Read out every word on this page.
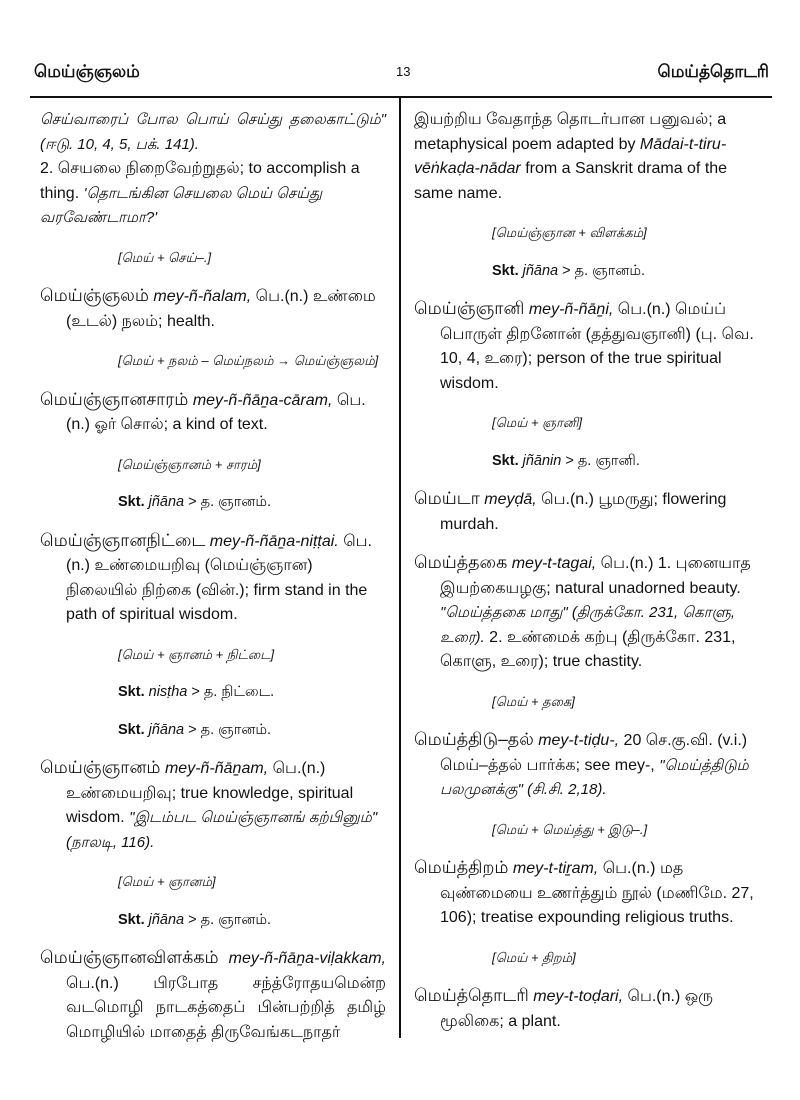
மெய்ஞ்ஞலம்	13	மெய்த்தொடரி

செய்வாரைப் போல பொய் செய்து தலைகாட்டும்" (ஈடு. 10, 4, 5, பக். 141).

2. செயலை நிறைவேற்றுதல்; to accomplish a thing. 'தொடங்கின செயலை மெய் செய்து வரவேண்டாமா?'

[மெய் + செய்–.]

மெய்ஞ்ஞலம் mey-ñ-ñalam, பெ.(n.) உண்மை (உடல்) நலம்; health.

[மெய் + நலம் – மெய்நலம் → மெய்ஞ்ஞலம்]

மெய்ஞ்ஞானசாரம் mey-ñ-ñāṉa-cāram, பெ.(n.) ஓர் சொல்; a kind of text.

[மெய்ஞ்ஞானம் + சாரம்]

Skt. jñāna > த. ஞானம்.

மெய்ஞ்ஞானநிட்டை mey-ñ-ñāṉa-niṭṭai. பெ.(n.) உண்மையறிவு (மெய்ஞ்ஞான) நிலையில் நிற்கை (வின்.); firm stand in the path of spiritual wisdom.

[மெய் + ஞானம் + நிட்டை]

Skt. nisṭha > த. நிட்டை.

Skt. jñāna > த. ஞானம்.

மெய்ஞ்ஞானம் mey-ñ-ñāṉam, பெ.(n.) உண்மையறிவு; true knowledge, spiritual wisdom. "இடம்பட மெய்ஞ்ஞானங் கற்பினும்" (நாலடி, 116).

[மெய் + ஞானம்]

Skt. jñāna > த. ஞானம்.

மெய்ஞ்ஞானவிளக்கம் mey-ñ-ñāṉa-viḷakkam, பெ.(n.) பிரபோத சந்த்ரோதயமென்ற வடமொழி நாடகத்தைப் பின்பற்றித் தமிழ் மொழியில் மாதைத் திருவேங்கடநாதர்

இயற்றிய வேதாந்த தொடர்பான பனுவல்; a metaphysical poem adapted by Mādai-t-tiru-vēṅkaḍa-nādar from a Sanskrit drama of the same name.

[மெய்ஞ்ஞான + விளக்கம்]

Skt. jñāna > த. ஞானம்.

மெய்ஞ்ஞானி mey-ñ-ñāṉi, பெ.(n.) மெய்ப் பொருள் திறனோன் (தத்துவஞானி) (பு. வெ. 10, 4, உரை); person of the true spiritual wisdom.

[மெய் + ஞானி]

Skt. jñānin > த. ஞானி.

மெய்டா meyḍā, பெ.(n.) பூமருது; flowering murdah.

மெய்த்தகை mey-t-tagai, பெ.(n.) 1. புனையாத இயற்கையழகு; natural unadorned beauty. "மெய்த்தகை மாது" (திருக்கோ. 231, கொளு, உரை). 2. உண்மைக் கற்பு (திருக்கோ. 231, கொளு, உரை); true chastity.

[மெய் + தகை]

மெய்த்திடு–தல் mey-t-tiḍu-, 20 செ.கு.வி. (v.i.) மெய்–த்தல் பார்க்க; see mey-, "மெய்த்திடும் பலமுனக்கு" (சி.சி. 2,18).

[மெய் + மெய்த்து + இடு–.]

மெய்த்திறம் mey-t-tiṟam, பெ.(n.) மத வுண்மையை உணர்த்தும் நூல் (மணிமே. 27, 106); treatise expounding religious truths.

[மெய் + திறம்]

மெய்த்தொடரி mey-t-toḍari, பெ.(n.) ஒரு மூலிகை; a plant.
